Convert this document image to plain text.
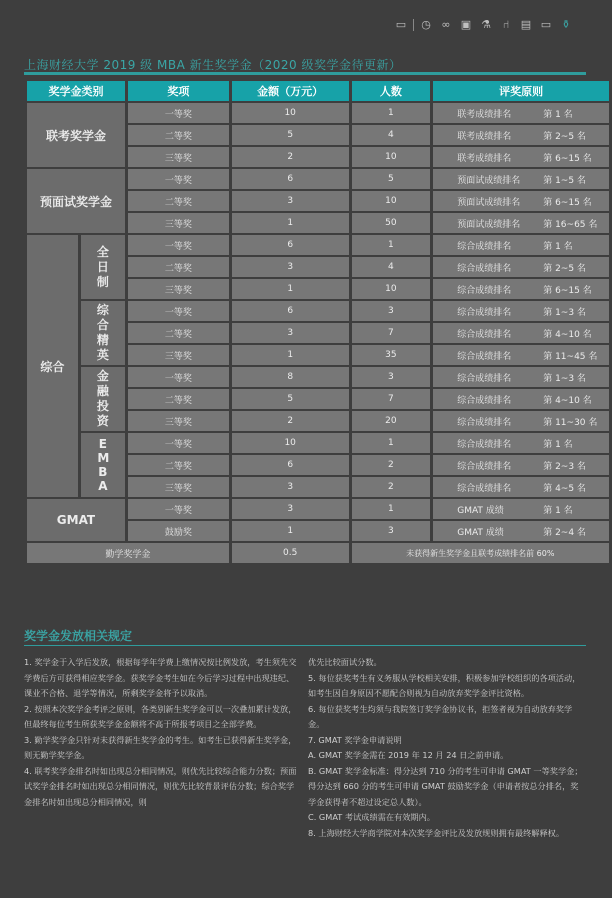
▭ ◷ ∞ ▣ ⚗	⑁	▤ ▭ ⚱
上海财经大学 2019 级 MBA 新生奖学金（2020 级奖学金待更新）
奖学金类别		奖项	金额（万元）	人数	评奖原则
联考奖学金		一等奖	10	1	联考成绩排名 第 1 名
		二等奖	5	4	联考成绩排名 第 2~5 名
		三等奖	2	10	联考成绩排名 第 6~15 名
预面试奖学金		一等奖	6	5	预面试成绩排名 第 1~5 名
		二等奖	3	10	预面试成绩排名 第 6~15 名
		三等奖	1	50	预面试成绩排名 第 16~65 名
综合	全日制	一等奖	6	1	综合成绩排名 第 1 名
		二等奖	3	4	综合成绩排名 第 2~5 名
		三等奖	1	10	综合成绩排名 第 6~15 名
	综合精英	一等奖	6	3	综合成绩排名 第 1~3 名
		二等奖	3	7	综合成绩排名 第 4~10 名
		三等奖	1	35	综合成绩排名 第 11~45 名
	金融投资	一等奖	8	3	综合成绩排名 第 1~3 名
		二等奖	5	7	综合成绩排名 第 4~10 名
		三等奖	2	20	综合成绩排名 第 11~30 名
	EMBA	一等奖	10	1	综合成绩排名 第 1 名
		二等奖	6	2	综合成绩排名 第 2~3 名
		三等奖	3	2	综合成绩排名 第 4~5 名
GMAT		一等奖	3	1	GMAT 成绩 第 1 名
		鼓励奖	1	3	GMAT 成绩 第 2~4 名
勤学奖学金			0.5	未获得新生奖学金且联考成绩排名前 60%	
奖学金发放相关规定

1. 奖学金于入学后发放，根据每学年学费上缴情况按比例发放，考生须先交学费后方可获得相应奖学金。获奖学金考生如在今后学习过程中出现违纪、课业不合格、退学等情况，所剩奖学金将予以取消。

2. 按照本次奖学金考评之原则，各类别新生奖学金可以一次叠加累计发放，但最终每位考生所获奖学金金额将不高于所报考项目之全部学费。

3. 勤学奖学金只针对未获得新生奖学金的考生。如考生已获得新生奖学金，则无勤学奖学金。

4. 联考奖学金排名时如出现总分相同情况，则优先比较综合能力分数；预面试奖学金排名时如出现总分相同情况，则优先比较背景评估分数；综合奖学金排名时如出现总分相同情况，则

优先比较面试分数。

5. 每位获奖考生有义务服从学校相关安排，积极参加学校组织的各项活动，如考生因自身原因不愿配合则视为自动放弃奖学金评比资格。

6. 每位获奖考生均须与我院签订奖学金协议书，拒签者视为自动放弃奖学金。

7. GMAT 奖学金申请说明

A. GMAT 奖学金需在 2019 年 12 月 24 日之前申请。

B. GMAT 奖学金标准：得分达到 710 分的考生可申请 GMAT 一等奖学金；得分达到 660 分的考生可申请 GMAT 鼓励奖学金（申请者按总分排名，奖学金获得者不超过设定总人数）。

C. GMAT 考试成绩需在有效期内。

8. 上海财经大学商学院对本次奖学金评比及发放规则拥有最终解释权。
